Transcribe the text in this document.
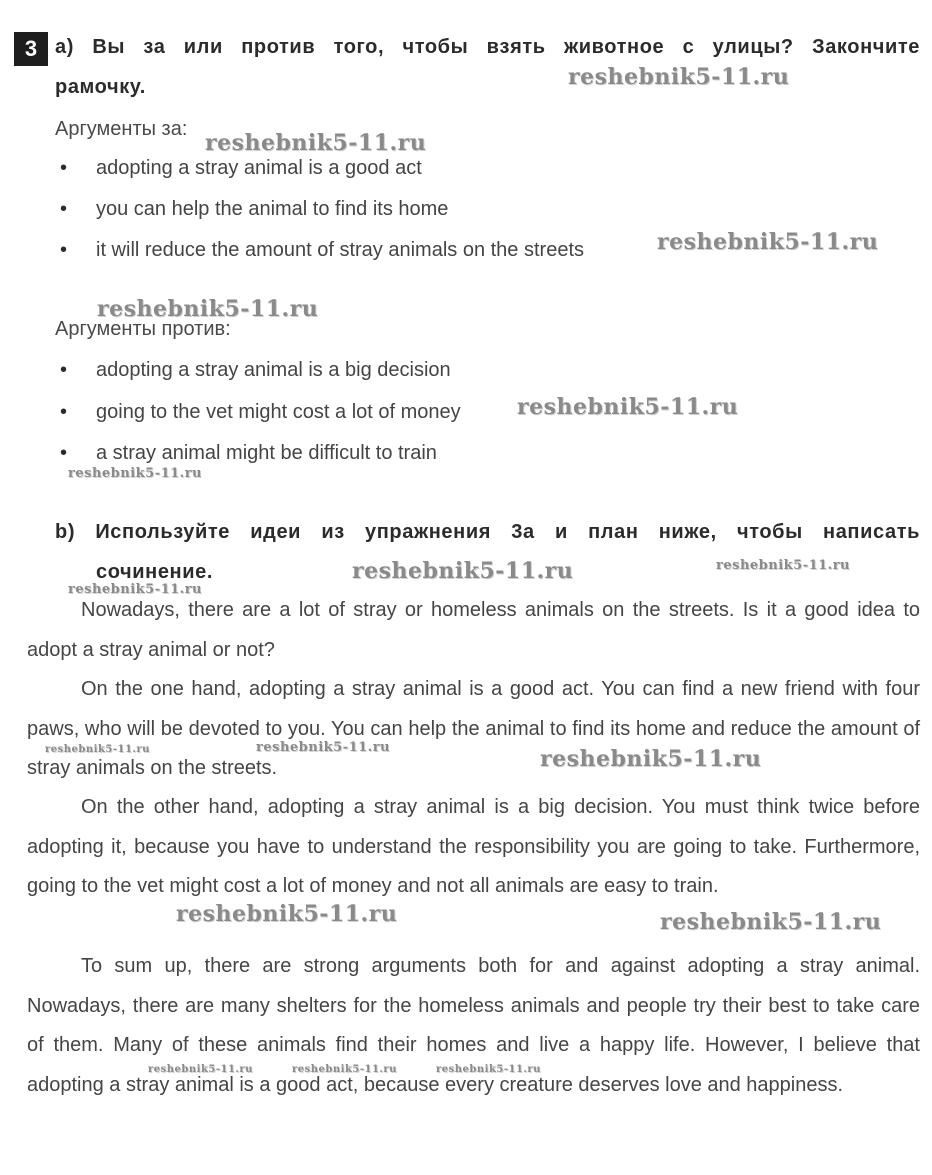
3 a) Вы за или против того, чтобы взять животное с улицы? Закончите
рамочку.
Аргументы за:
• adopting a stray animal is a good act
• you can help the animal to find its home
• it will reduce the amount of stray animals on the streets
Аргументы против:
• adopting a stray animal is a big decision
• going to the vet might cost a lot of money
• a stray animal might be difficult to train
b) Используйте идеи из упражнения 3a и план ниже, чтобы написать
сочинение.

Nowadays, there are a lot of stray or homeless animals on the streets. Is it a good idea to adopt a stray animal or not?

On the one hand, adopting a stray animal is a good act. You can find a new friend with four paws, who will be devoted to you. You can help the animal to find its home and reduce the amount of stray animals on the streets.

On the other hand, adopting a stray animal is a big decision. You must think twice before adopting it, because you have to understand the responsibility you are going to take. Furthermore, going to the vet might cost a lot of money and not all animals are easy to train.

To sum up, there are strong arguments both for and against adopting a stray animal. Nowadays, there are many shelters for the homeless animals and people try their best to take care of them. Many of these animals find their homes and live a happy life. However, I believe that adopting a stray animal is a good act, because every creature deserves love and happiness.

reshebnik5-11.ru
reshebnik5-11.ru
reshebnik5-11.ru
reshebnik5-11.ru
reshebnik5-11.ru
reshebnik5-11.ru
reshebnik5-11.ru	reshebnik5-11.ru
reshebnik5-11.ru
reshebnik5-11.ru	reshebnik5-11.ru	reshebnik5-11.ru
reshebnik5-11.ru	reshebnik5-11.ru
reshebnik5-11.ru	reshebnik5-11.ru	reshebnik5-11.ru
